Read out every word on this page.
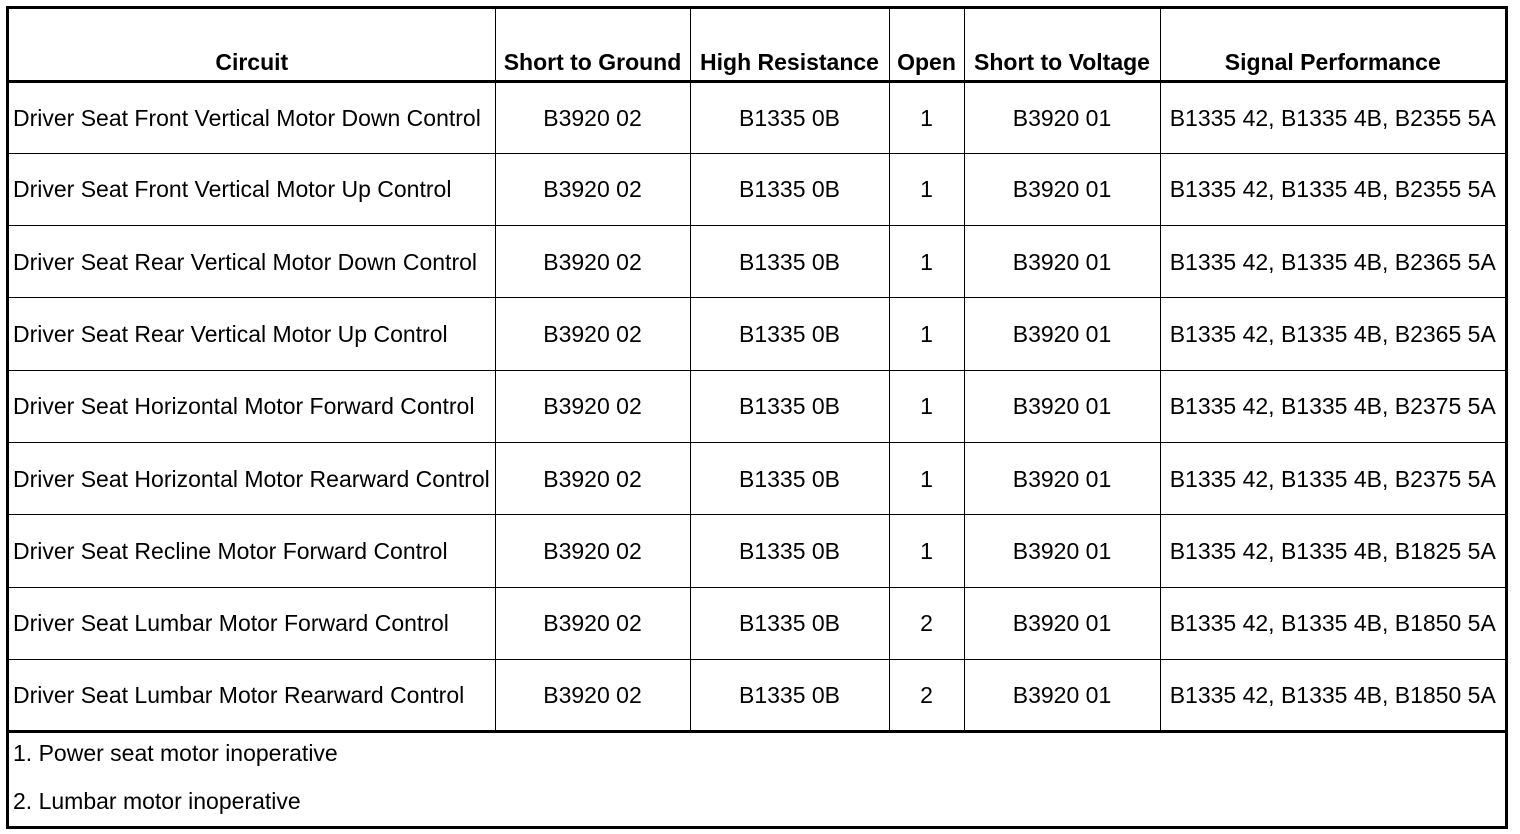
Circuit	Short to Ground	High Resistance	Open	Short to Voltage	Signal Performance
Driver Seat Front Vertical Motor Down Control	B3920 02	B1335 0B	1	B3920 01	B1335 42, B1335 4B, B2355 5A
Driver Seat Front Vertical Motor Up Control	B3920 02	B1335 0B	1	B3920 01	B1335 42, B1335 4B, B2355 5A
Driver Seat Rear Vertical Motor Down Control	B3920 02	B1335 0B	1	B3920 01	B1335 42, B1335 4B, B2365 5A
Driver Seat Rear Vertical Motor Up Control	B3920 02	B1335 0B	1	B3920 01	B1335 42, B1335 4B, B2365 5A
Driver Seat Horizontal Motor Forward Control	B3920 02	B1335 0B	1	B3920 01	B1335 42, B1335 4B, B2375 5A
Driver Seat Horizontal Motor Rearward Control	B3920 02	B1335 0B	1	B3920 01	B1335 42, B1335 4B, B2375 5A
Driver Seat Recline Motor Forward Control	B3920 02	B1335 0B	1	B3920 01	B1335 42, B1335 4B, B1825 5A
Driver Seat Lumbar Motor Forward Control	B3920 02	B1335 0B	2	B3920 01	B1335 42, B1335 4B, B1850 5A
Driver Seat Lumbar Motor Rearward Control	B3920 02	B1335 0B	2	B3920 01	B1335 42, B1335 4B, B1850 5A
1. Power seat motor inoperative
2. Lumbar motor inoperative
